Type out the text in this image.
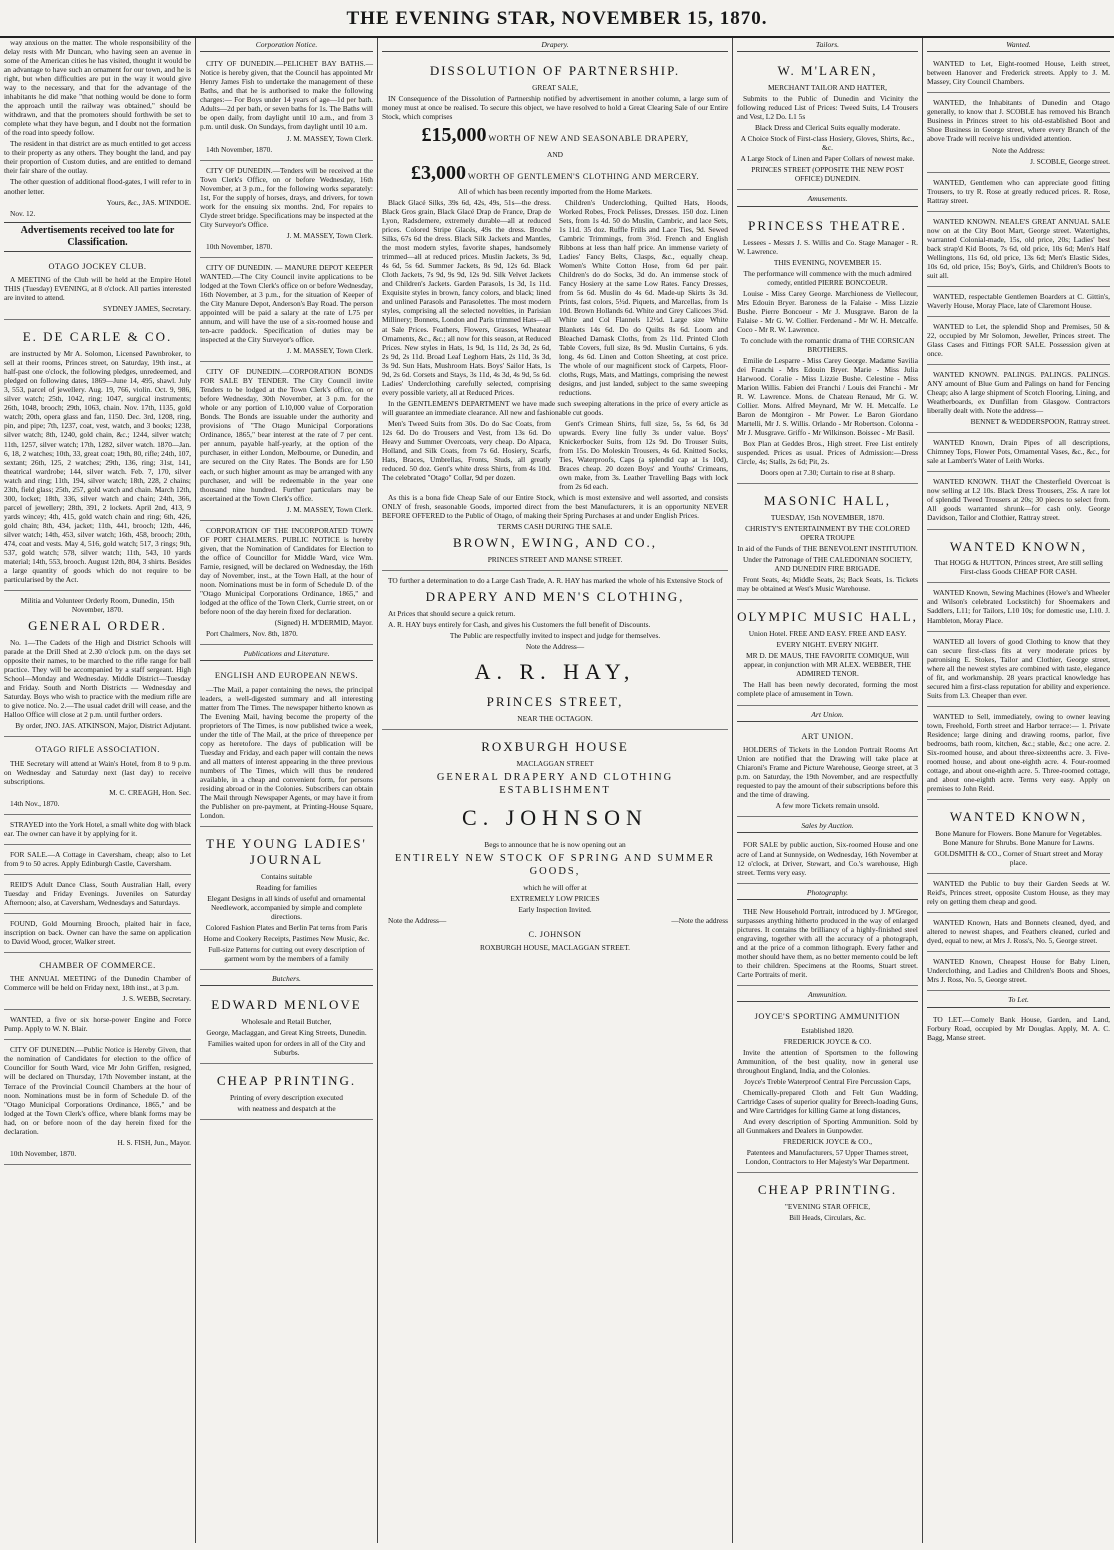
THE EVENING STAR, NOVEMBER 15, 1870.

way anxious on the matter. The whole responsibility of the delay rests with Mr Duncan, who having seen an avenue in some of the American cities he has visited, thought it would be an advantage to have such an ornament for our town, and he is right, but when difficulties are put in the way it would give way to the necessary, and that for the advantage of the inhabitants he did make "that nothing would be done to form the approach until the railway was obtained," should be withdrawn, and that the promoters should forthwith be set to complete what they have begun, and I doubt not the formation of the road into speedy follow.

The resident in that district are as much entitled to get access to their property as any others. They bought the land, and pay their proportion of Custom duties, and are entitled to demand their fair share of the outlay.

The other question of additional flood-gates, I will refer to in another letter.

Yours, &c., JAS. M'INDOE.

Nov. 12.

Advertisements received too late for Classification.

OTAGO JOCKEY CLUB.

A MEETING of the Club will be held at the Empire Hotel THIS (Tuesday) EVENING, at 8 o'clock. All parties interested are invited to attend.

SYDNEY JAMES, Secretary.

E. DE CARLE & CO.

are instructed by Mr A. Solomon, Licensed Pawnbroker, to sell at their rooms, Princes street, on Saturday, 19th inst., at half-past one o'clock, the following pledges, unredeemed, and pledged on following dates, 1869—June 14, 495, shawl. July 3, 553, parcel of jewellery. Aug. 19, 766, violin. Oct. 9, 986, silver watch; 25th, 1042, ring; 1047, surgical instruments; 26th, 1048, brooch; 29th, 1063, chain. Nov. 17th, 1135, gold watch; 20th, opera glass and fan, 1150. Dec. 3rd, 1208, ring, pin, and pipe; 7th, 1237, coat, vest, watch, and 3 books; 1238, silver watch; 8th, 1240, gold chain, &c.; 1244, silver watch; 11th, 1257, silver watch; 17th, 1282, silver watch. 1870—Jan. 6, 18, 2 watches; 10th, 33, great coat; 19th, 80, rifle; 24th, 107, sextant; 26th, 125, 2 watches; 29th, 136, ring; 31st, 141, theatrical wardrobe; 144, silver watch. Feb. 7, 170, silver watch and ring; 11th, 194, silver watch; 18th, 228, 2 chains; 23th, field glass; 25th, 257, gold watch and chain. March 12th, 300, locket; 18th, 336, silver watch and chain; 24th, 366, parcel of jewellery; 28th, 391, 2 lockets. April 2nd, 413, 9 yards wincey; 4th, 415, gold watch chain and ring; 6th, 426, gold chain; 8th, 434, jacket; 11th, 441, brooch; 12th, 446, silver watch; 14th, 453, silver watch; 16th, 458, brooch; 20th, 474, coat and vests. May 4, 516, gold watch; 517, 3 rings; 9th, 537, gold watch; 578, silver watch; 11th, 543, 10 yards material; 14th, 553, brooch. August 12th, 804, 3 shirts. Besides a large quantity of goods which do not require to be particularised by the Act.

Militia and Volunteer Orderly Room, Dunedin, 15th November, 1870.

GENERAL ORDER.

No. 1—The Cadets of the High and District Schools will parade at the Drill Shed at 2.30 o'clock p.m. on the days set opposite their names, to be marched to the rifle range for ball practice. They will be accompanied by a staff sergeant. High School—Monday and Wednesday. Middle District—Tuesday and Friday. South and North Districts — Wednesday and Saturday. Boys who wish to practice with the medium rifle are to give notice. No. 2.—The usual cadet drill will cease, and the Halloo Office will close at 2 p.m. until further orders.

By order, JNO. JAS. ATKINSON, Major, District Adjutant.

OTAGO RIFLE ASSOCIATION.

THE Secretary will attend at Wain's Hotel, from 8 to 9 p.m. on Wednesday and Saturday next (last day) to receive subscriptions.

M. C. CREAGH, Hon. Sec.

14th Nov., 1870.

STRAYED into the York Hotel, a small white dog with black ear. The owner can have it by applying for it.

FOR SALE.—A Cottage in Caversham, cheap; also to Let from 9 to 50 acres. Apply Edinburgh Castle, Caversham.

REID'S Adult Dance Class, South Australian Hall, every Tuesday and Friday Evenings. Juveniles on Saturday Afternoon; also, at Caversham, Wednesdays and Saturdays.

FOUND, Gold Mourning Brooch, plaited hair in face, inscription on back. Owner can have the same on application to David Wood, grocer, Walker street.

CHAMBER OF COMMERCE.

THE ANNUAL MEETING of the Dunedin Chamber of Commerce will be held on Friday next, 18th inst., at 3 p.m.

J. S. WEBB, Secretary.

WANTED, a five or six horse-power Engine and Force Pump. Apply to W. N. Blair.

CITY OF DUNEDIN.—Public Notice is Hereby Given, that the nomination of Candidates for election to the office of Councillor for South Ward, vice Mr John Griffen, resigned, will be declared on Thursday, 17th November instant, at the Terrace of the Provincial Council Chambers at the hour of noon. Nominations must be in form of Schedule D. of the "Otago Municipal Corporations Ordinance, 1865," and be lodged at the Town Clerk's office, where blank forms may be had, on or before noon of the day herein fixed for the declaration.

H. S. FISH, Jun., Mayor.

10th November, 1870.

Corporation Notice.

CITY OF DUNEDIN.—PELICHET BAY BATHS.—Notice is hereby given, that the Council has appointed Mr Henry James Fish to undertake the management of these Baths, and that he is authorised to make the following charges:— For Boys under 14 years of age—1d per bath. Adults—2d per bath, or seven baths for 1s. The Baths will be open daily, from daylight until 10 a.m., and from 3 p.m. until dusk. On Sundays, from daylight until 10 a.m.

J. M. MASSEY, Town Clerk.

14th November, 1870.

CITY OF DUNEDIN.—Tenders will be received at the Town Clerk's Office, on or before Wednesday, 16th November, at 3 p.m., for the following works separately: 1st, For the supply of horses, drays, and drivers, for town work for the ensuing six months. 2nd, For repairs to Clyde street bridge. Specifications may be inspected at the City Surveyor's Office.

J. M. MASSEY, Town Clerk.

10th November, 1870.

CITY OF DUNEDIN. — MANURE DEPOT KEEPER WANTED.—The City Council invite applications to be lodged at the Town Clerk's office on or before Wednesday, 16th November, at 3 p.m., for the situation of Keeper of the City Manure Depot, Anderson's Bay Road. The person appointed will be paid a salary at the rate of L75 per annum, and will have the use of a six-roomed house and ten-acre paddock. Specification of duties may be inspected at the City Surveyor's office.

J. M. MASSEY, Town Clerk.

CITY OF DUNEDIN.—CORPORATION BONDS FOR SALE BY TENDER. The City Council invite Tenders to be lodged at the Town Clerk's office, on or before Wednesday, 30th November, at 3 p.m. for the whole or any portion of L10,000 value of Corporation Bonds. The Bonds are issuable under the authority and provisions of "The Otago Municipal Corporations Ordinance, 1865," bear interest at the rate of 7 per cent. per annum, payable half-yearly, at the option of the purchaser, in either London, Melbourne, or Dunedin, and are secured on the City Rates. The Bonds are for L50 each, or such higher amount as may be arranged with any purchaser, and will be redeemable in the year one thousand nine hundred. Further particulars may be ascertained at the Town Clerk's office.

J. M. MASSEY, Town Clerk.

CORPORATION OF THE INCORPORATED TOWN OF PORT CHALMERS. PUBLIC NOTICE is hereby given, that the Nomination of Candidates for Election to the office of Councillor for Middle Ward, vice Wm. Farnie, resigned, will be declared on Wednesday, the 16th day of November, inst., at the Town Hall, at the hour of noon. Nominations must be in form of Schedule D. of the "Otago Municipal Corporations Ordinance, 1865," and lodged at the office of the Town Clerk, Currie street, on or before noon of the day herein fixed for declaration.

(Signed) H. M'DERMID, Mayor.

Port Chalmers, Nov. 8th, 1870.

Publications and Literature.

ENGLISH AND EUROPEAN NEWS.

—The Mail, a paper containing the news, the principal leaders, a well-digested summary and all interesting matter from The Times. The newspaper hitherto known as The Evening Mail, having become the property of the proprietors of The Times, is now published twice a week, under the title of The Mail, at the price of threepence per copy as heretofore. The days of publication will be Tuesday and Friday, and each paper will contain the news and all matters of interest appearing in the three previous numbers of The Times, which will thus be rendered available, in a cheap and convenient form, for persons residing abroad or in the Colonies. Subscribers can obtain The Mail through Newspaper Agents, or may have it from the Publisher on pre-payment, at Printing-House Square, London.

THE YOUNG LADIES' JOURNAL

Contains suitable

Reading for families

Elegant Designs in all kinds of useful and ornamental Needlework, accompanied by simple and complete directions.

Colored Fashion Plates and Berlin Pat terns from Paris

Home and Cookery Receipts, Pastimes New Music, &c.

Full-size Patterns for cutting out every description of garment worn by the members of a family

Butchers.

EDWARD MENLOVE

Wholesale and Retail Butcher,

George, Maclaggan, and Great King Streets, Dunedin.

Families waited upon for orders in all of the City and Suburbs.

CHEAP PRINTING.

Printing of every description executed

with neatness and despatch at the

Drapery.

DISSOLUTION OF PARTNERSHIP.

GREAT SALE,

IN Consequence of the Dissolution of Partnership notified by advertisement in another column, a large sum of money must at once be realised. To secure this object, we have resolved to hold a Great Clearing Sale of our Entire Stock, which comprises

£15,000 WORTH OF NEW AND SEASONABLE DRAPERY,

AND

£3,000 WORTH OF GENTLEMEN'S CLOTHING AND MERCERY.

All of which has been recently imported from the Home Markets.

Black Glacé Silks, 39s 6d, 42s, 49s, 51s—the dress. Black Gros grain, Black Glacé Drap de France, Drap de Lyon, Radsdemere, extremely durable—all at reduced prices. Colored Stripe Glacés, 49s the dress. Broché Silks, 67s 6d the dress. Black Silk Jackets and Mantles, the most modern styles, favorite shapes, handsomely trimmed—all at reduced prices. Muslin Jackets, 3s 9d, 4s 6d, 5s 6d. Summer Jackets, 8s 9d, 12s 6d. Black Cloth Jackets, 7s 9d, 9s 9d, 12s 9d. Silk Velvet Jackets and Children's Jackets. Garden Parasols, 1s 3d, 1s 11d. Exquisite styles in brown, fancy colors, and black; lined and unlined Parasols and Parasolettes. The most modern styles, comprising all the selected novelties, in Parisian Millinery; Bonnets, London and Paris trimmed Hats—all at Sale Prices. Feathers, Flowers, Grasses, Wheatear Ornaments, &c., &c.; all now for this season, at Reduced Prices. New styles in Hats, 1s 9d, 1s 11d, 2s 3d, 2s 6d, 2s 9d, 2s 11d. Broad Leaf Leghorn Hats, 2s 11d, 3s 3d, 3s 9d. Sun Hats, Mushroom Hats. Boys' Sailor Hats, 1s 9d, 2s 6d. Corsets and Stays, 3s 11d, 4s 3d, 4s 9d, 5s 6d. Ladies' Underclothing carefully selected, comprising every possible variety, all at Reduced Prices.

Children's Underclothing, Quilted Hats, Hoods, Worked Robes, Frock Pelisses, Dresses. 150 doz. Linen Sets, from 1s 4d. 50 do Muslin, Cambric, and lace Sets, 1s 11d. 35 doz. Ruffle Frills and Lace Ties, 9d. Sewed Cambric Trimmings, from 3½d. French and English Ribbons at less than half price. An immense variety of Ladies' Fancy Belts, Clasps, &c., equally cheap. Women's White Cotton Hose, from 6d per pair. Children's do do Socks, 3d do. An immense stock of Fancy Hosiery at the same Low Rates. Fancy Dresses, from 5s 6d. Muslin do 4s 6d. Made-up Skirts 3s 3d. Prints, fast colors, 5½d. Piquets, and Marcellas, from 1s 10d. Brown Hollands 6d. White and Grey Calicoes 3¼d. White and Col Flannels 12½d. Large size White Blankets 14s 6d. Do do Quilts 8s 6d. Loom and Bleached Damask Cloths, from 2s 11d. Printed Cloth Table Covers, full size, 8s 9d. Muslin Curtains, 6 yds. long, 4s 6d. Linen and Cotton Sheeting, at cost price. The whole of our magnificent stock of Carpets, Floor-cloths, Rugs, Mats, and Mattings, comprising the newest designs, and just landed, subject to the same sweeping reductions.

In the GENTLEMEN'S DEPARTMENT we have made such sweeping alterations in the price of every article as will guarantee an immediate clearance. All new and fashionable cut goods.

Men's Tweed Suits from 30s. Do do Sac Coats, from 12s 6d. Do do Trousers and Vest, from 13s 6d. Do Heavy and Summer Overcoats, very cheap. Do Alpaca, Holland, and Silk Coats, from 7s 6d. Hosiery, Scarfs, Hats, Braces, Umbrellas, Fronts, Studs, all greatly reduced. 50 doz. Gent's white dress Shirts, from 4s 10d. The celebrated "Otago" Collar, 9d per dozen.

Gent's Crimean Shirts, full size, 5s, 5s 6d, 6s 3d upwards. Every line fully 3s under value. Boys' Knickerbocker Suits, from 12s 9d. Do Trouser Suits, from 15s. Do Moleskin Trousers, 4s 6d. Knitted Socks, Ties, Waterproofs, Caps (a splendid cap at 1s 10d), Braces cheap. 20 dozen Boys' and Youths' Crimeans, own make, from 3s. Leather Travelling Bags with lock from 2s 6d each.

As this is a bona fide Cheap Sale of our Entire Stock, which is most extensive and well assorted, and consists ONLY of fresh, seasonable Goods, imported direct from the best Manufacturers, it is an opportunity NEVER BEFORE OFFERED to the Public of Otago, of making their Spring Purchases at and under English Prices.

TERMS CASH DURING THE SALE.

BROWN, EWING, AND CO.,

PRINCES STREET AND MANSE STREET.

TO further a determination to do a Large Cash Trade, A. R. HAY has marked the whole of his Extensive Stock of

DRAPERY AND MEN'S CLOTHING,

At Prices that should secure a quick return.

A. R. HAY buys entirely for Cash, and gives his Customers the full benefit of Discounts.

The Public are respectfully invited to inspect and judge for themselves.

Note the Address—

A. R. HAY,

PRINCES STREET,

NEAR THE OCTAGON.

ROXBURGH HOUSE

MACLAGGAN STREET

GENERAL DRAPERY AND CLOTHING ESTABLISHMENT

C. JOHNSON

Begs to announce that he is now opening out an

ENTIRELY NEW STOCK OF SPRING AND SUMMER GOODS,

which he will offer at

EXTREMELY LOW PRICES

Early Inspection Invited.

Note the Address—	—Note the address

C. JOHNSON

ROXBURGH HOUSE, MACLAGGAN STREET.

Tailors.

W. M'LAREN,

MERCHANT TAILOR AND HATTER,

Submits to the Public of Dunedin and Vicinity the following reduced List of Prices: Tweed Suits, L4 Trousers and Vest, L2 Do. L1 5s

Black Dress and Clerical Suits equally moderate.

A Choice Stock of First-class Hosiery, Gloves, Shirts, &c., &c.

A Large Stock of Linen and Paper Collars of newest make.

PRINCES STREET (OPPOSITE THE NEW POST OFFICE) DUNEDIN.

Amusements.

PRINCESS THEATRE.

Lessees - Messrs J. S. Willis and Co. Stage Manager - R. W. Lawrence.

THIS EVENING, NOVEMBER 15.

The performance will commence with the much admired comedy, entitled PIERRE BONCOEUR.

Louise - Miss Carey George. Marchioness de Viellecour, Mrs Edouin Bryer. Baroness de la Falaise - Miss Lizzie Bushe. Pierre Boncoeur - Mr J. Musgrave. Baron de la Falaise - Mr G. W. Collier. Ferdenand - Mr W. H. Metcalfe. Coco - Mr R. W. Lawrence.

To conclude with the romantic drama of THE CORSICAN BROTHERS.

Emilie de Lesparre - Miss Carey George. Madame Savilia dei Franchi - Mrs Edouin Bryer. Marie - Miss Julia Harwood. Coralie - Miss Lizzie Bushe. Celestine - Miss Marion Willis. Fabien dei Franchi / Louis dei Franchi - Mr R. W. Lawrence. Mons. de Chateau Renaud, Mr G. W. Collier. Mons. Alfred Meynard, Mr W. H. Metcalfe. Le Baron de Montgiron - Mr Power. Le Baron Giordano Martelli, Mr J. S. Willis. Orlando - Mr Robertson. Colonna - Mr J. Musgrave. Griffo - Mr Wilkinson. Boissec - Mr Basil.

Box Plan at Geddes Bros., High street. Free List entirely suspended. Prices as usual. Prices of Admission:—Dress Circle, 4s; Stalls, 2s 6d; Pit, 2s.

Doors open at 7.30; Curtain to rise at 8 sharp.

MASONIC HALL,

TUESDAY, 15th NOVEMBER, 1870.

CHRISTY'S ENTERTAINMENT BY THE COLORED OPERA TROUPE

In aid of the Funds of THE BENEVOLENT INSTITUTION.

Under the Patronage of THE CALEDONIAN SOCIETY, AND DUNEDIN FIRE BRIGADE.

Front Seats, 4s; Middle Seats, 2s; Back Seats, 1s. Tickets may be obtained at West's Music Warehouse.

OLYMPIC MUSIC HALL,

Union Hotel. FREE AND EASY. FREE AND EASY.

EVERY NIGHT. EVERY NIGHT.

MR D. DE MAUS, THE FAVORITE COMIQUE, Will appear, in conjunction with MR ALEX. WEBBER, THE ADMIRED TENOR.

The Hall has been newly decorated, forming the most complete place of amusement in Town.

Art Union.

ART UNION.

HOLDERS of Tickets in the London Portrait Rooms Art Union are notified that the Drawing will take place at Chiaroni's Frame and Picture Warehouse, George street, at 3 p.m. on Saturday, the 19th November, and are respectfully requested to pay the amount of their subscriptions before this and the time of drawing.

A few more Tickets remain unsold.

Sales by Auction.

FOR SALE by public auction, Six-roomed House and one acre of Land at Sunnyside, on Wednesday, 16th November at 12 o'clock, at Driver, Stewart, and Co.'s warehouse, High street. Terms very easy.

Photography.

THE New Household Portrait, introduced by J. M'Gregor, surpasses anything hitherto produced in the way of enlarged pictures. It contains the brilliancy of a highly-finished steel engraving, together with all the accuracy of a photograph, and at the price of a common lithograph. Every father and mother should have them, as no better memento could be left to their children. Specimens at the Rooms, Stuart street. Carte Portraits of merit.

Ammunition.

JOYCE'S SPORTING AMMUNITION

Established 1820.

FREDERICK JOYCE & CO.

Invite the attention of Sportsmen to the following Ammunition, of the best quality, now in general use throughout England, India, and the Colonies.

Joyce's Treble Waterproof Central Fire Percussion Caps,

Chemically-prepared Cloth and Felt Gun Wadding, Cartridge Cases of superior quality for Breech-loading Guns, and Wire Cartridges for killing Game at long distances,

And every description of Sporting Ammunition. Sold by all Gunmakers and Dealers in Gunpowder.

FREDERICK JOYCE & CO.,

Patentees and Manufacturers, 57 Upper Thames street, London, Contractors to Her Majesty's War Department.

CHEAP PRINTING.

"EVENING STAR OFFICE,

Bill Heads, Circulars, &c.

Wanted.

WANTED to Let, Eight-roomed House, Leith street, between Hanover and Frederick streets. Apply to J. M. Massey, City Council Chambers.

WANTED, the Inhabitants of Dunedin and Otago generally, to know that J. SCOBLE has removed his Branch Business in Princes street to his old-established Boot and Shoe Business in George street, where every Branch of the above Trade will receive his undivided attention.

Note the Address:

J. SCOBLE, George street.

WANTED, Gentlemen who can appreciate good fitting Trousers, to try R. Rose at greatly reduced prices. R. Rose, Rattray street.

WANTED KNOWN. NEALE'S GREAT ANNUAL SALE now on at the City Boot Mart, George street. Watertights, warranted Colonial-made, 15s, old price, 20s; Ladies' best back strap'd Kid Boots, 7s 6d, old price, 10s 6d; Men's Half Wellingtons, 11s 6d, old price, 13s 6d; Men's Elastic Sides, 10s 6d, old price, 15s; Boy's, Girls, and Children's Boots to suit all.

WANTED, respectable Gentlemen Boarders at C. Gittin's, Waverly House, Moray Place, late of Claremont House.

WANTED to Let, the splendid Shop and Premises, 50 & 22, occupied by Mr Solomon, Jeweller, Princes street. The Glass Cases and Fittings FOR SALE. Possession given at once.

WANTED KNOWN. PALINGS. PALINGS. PALINGS. ANY amount of Blue Gum and Palings on hand for Fencing Cheap; also A large shipment of Scotch Flooring, Lining, and Weatherboards, ex Dunfillan from Glasgow. Contractors liberally dealt with. Note the address—

BENNET & WEDDERSPOON, Rattray street.

WANTED Known, Drain Pipes of all descriptions, Chimney Tops, Flower Pots, Ornamental Vases, &c., &c., for sale at Lambert's Water of Leith Works.

WANTED KNOWN. THAT the Chesterfield Overcoat is now selling at L2 10s. Black Dress Trousers, 25s. A rare lot of splendid Tweed Trousers at 20s; 30 pieces to select from. All goods warranted shrunk—for cash only. George Davidson, Tailor and Clothier, Rattray street.

WANTED KNOWN,

That HOGG & HUTTON, Princes street, Are still selling First-class Goods CHEAP FOR CASH.

WANTED Known, Sewing Machines (Howe's and Wheeler and Wilson's celebrated Lockstitch) for Shoemakers and Saddlers, L11; for Tailors, L10 10s; for domestic use, L10. J. Hambleton, Moray Place.

WANTED all lovers of good Clothing to know that they can secure first-class fits at very moderate prices by patronising E. Stokes, Tailor and Clothier, George street, where all the newest styles are combined with taste, elegance of fit, and workmanship. 28 years practical knowledge has secured him a first-class reputation for ability and experience. Suits from L3. Cheaper than ever.

WANTED to Sell, immediately, owing to owner leaving town, Freehold, Forth street and Harbor terrace:— 1. Private Residence; large dining and drawing rooms, parlor, five bedrooms, bath room, kitchen, &c.; stable, &c.; one acre. 2. Six-roomed house, and about three-sixteenths acre. 3. Five-roomed house, and about one-eighth acre. 4. Four-roomed cottage, and about one-eighth acre. 5. Three-roomed cottage, and about one-eighth acre. Terms very easy. Apply on premises to John Reid.

WANTED KNOWN,

Bone Manure for Flowers. Bone Manure for Vegetables. Bone Manure for Shrubs. Bone Manure for Lawns.

GOLDSMITH & CO., Corner of Stuart street and Moray place.

WANTED the Public to buy their Garden Seeds at W. Reid's, Princes street, opposite Custom House, as they may rely on getting them cheap and good.

WANTED Known, Hats and Bonnets cleaned, dyed, and altered to newest shapes, and Feathers cleaned, curled and dyed, equal to new, at Mrs J. Ross's, No. 5, George street.

WANTED Known, Cheapest House for Baby Linen, Underclothing, and Ladies and Children's Boots and Shoes, Mrs J. Ross, No. 5, George street.

To Let.

TO LET.—Comely Bank House, Garden, and Land, Forbury Road, occupied by Mr Douglas. Apply, M. A. C. Bagg, Manse street.
